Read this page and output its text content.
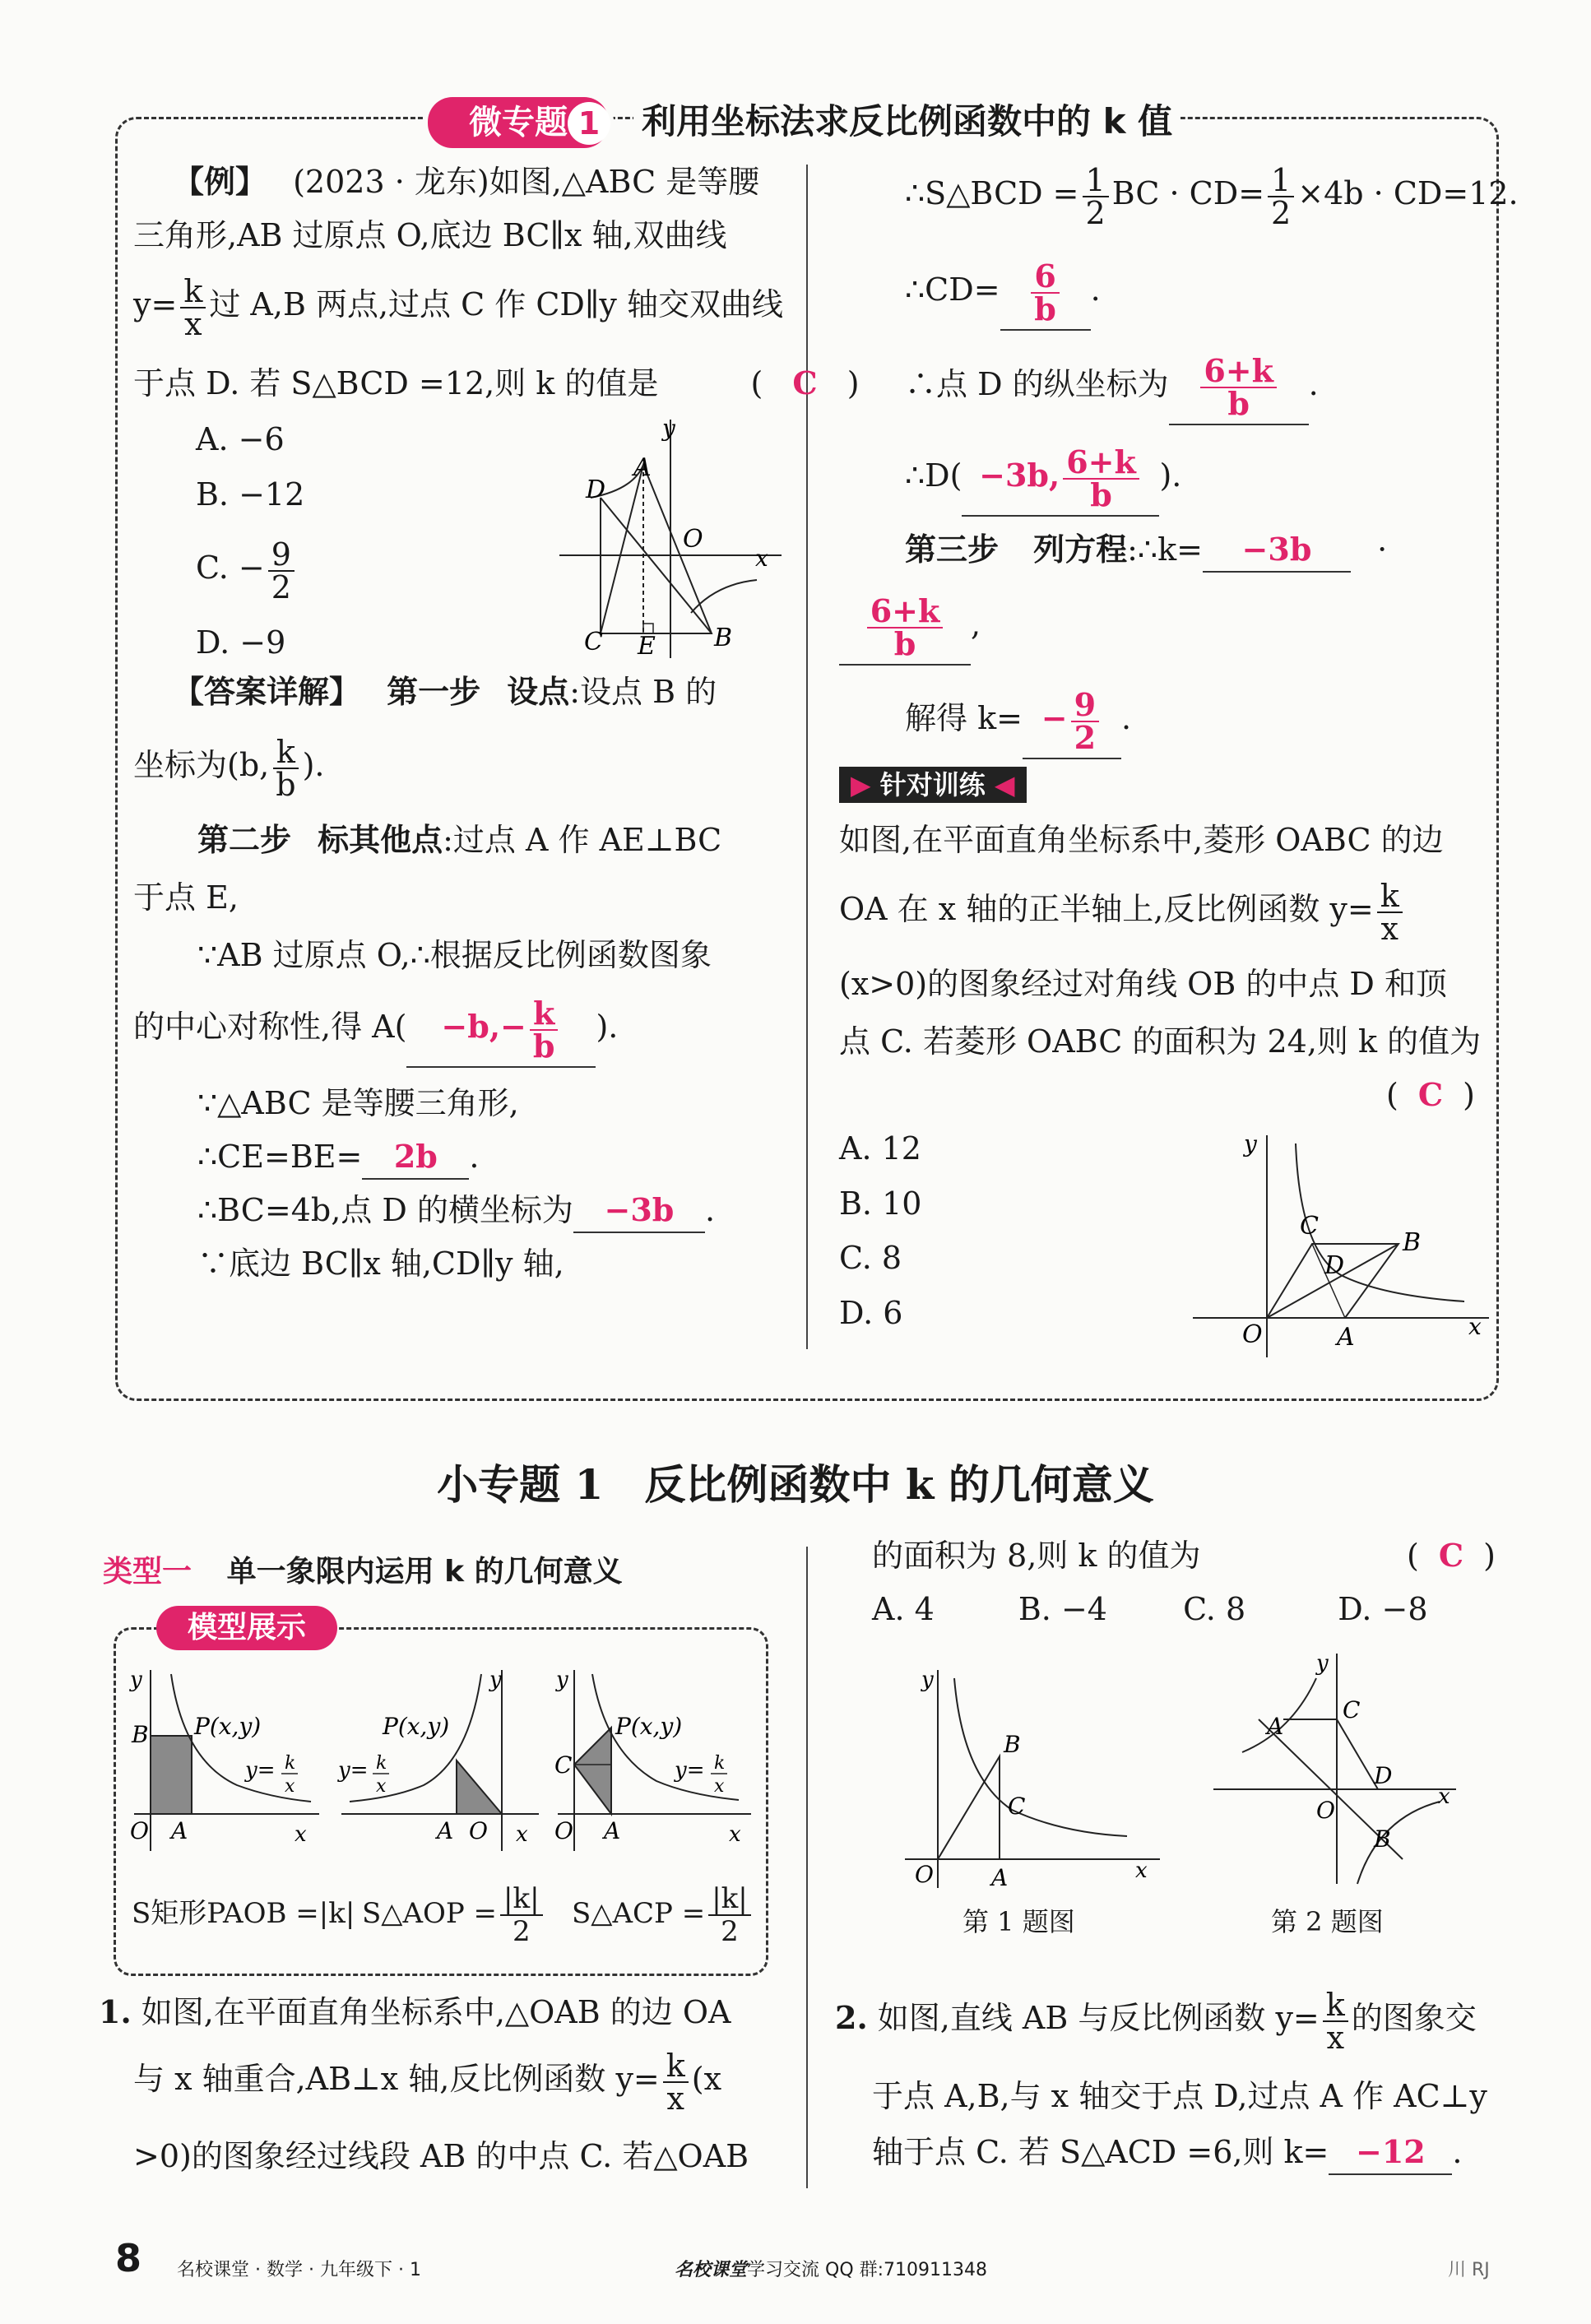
微专题 1	利用坐标法求反比例函数中的 k 值
【例】 (2023 · 龙东)如图,△ABC 是等腰
三角形,AB 过原点 O,底边 BC∥x 轴,双曲线
$y= \frac{k}{x}$ 过 A,B 两点,过点 C 作 CD∥y 轴交双曲线
于点 D. 若 S△BCD =12,则 k 的值是	( C )
A. −6
B. −12
C. − $\frac{9}{2}$
D. −9
A
D
O
C E B
x
y
【答案详解】 第一步 设点:设点 B 的
坐标为(b, $\frac{k}{b}$ ).
第二步 标其他点:过点 A 作 AE⊥BC
于点 E,
∵AB 过原点 O,∴根据反比例函数图象
的中心对称性,得 $A( -b,- \frac{k}{b}$ ).
∵△ABC 是等腰三角形,
∴CE=BE= 2b .
∴BC=4b,点 D 的横坐标为 −3b .
∵底边 BC∥x 轴,CD∥y 轴,
∴S△BCD = $\frac{1}{2}$ BC · $CD= \frac{1}{2} \times 4b \cdot CD=12$.
∴CD= $\frac{6}{b}$ .
∴点 D 的纵坐标为 $\frac{6+k}{b}$ .
∴D( −3b, $\frac{6+k}{b}$ ).
第三步 列方程:∴k= −3b ·
$\frac{6+k}{b}$ ,
解得 $k= - \frac{9}{2}$ .
▶ 针对训练 ◀
如图,在平面直角坐标系中,菱形 OABC 的边
OA 在 x 轴的正半轴上,反比例函数 $y= \frac{k}{x}$
(x>0)的图象经过对角线 OB 的中点 D 和顶
点 C. 若菱形 OABC 的面积为 24,则 k 的值为
( C )
A. 12
B. 10
C. 8
D. 6
C
B
D
O	A	x
y
小专题 1　反比例函数中 k 的几何意义
类型一 单一象限内运用 k 的几何意义
模型展示
B P(x,y)
y= k
x
O A	x
y
P(x,y)
y= k
x
A O x
y
C
P(x,y)
y= k
x
O A	x
y
S矩形PAOB =|k| S△AOP = $\frac{|k|}{2}$ S△ACP = $\frac{|k|}{2}$
1. 如图,在平面直角坐标系中,△OAB 的边 OA
与 x 轴重合,AB⊥x 轴,反比例函数 $y= \frac{k}{x} (x$
>0)的图象经过线段 AB 的中点 C. 若△OAB
的面积为 8,则 k 的值为	( C )
A. 4	B. −4 C. 8	D. −8
B
C
O	A	x
y
第 1 题图
A
C
D
O
B
x
y
第 2 题图
2. 如图,直线 AB 与反比例函数 $y= \frac{k}{x}$ 的图象交
于点 A,B,与 x 轴交于点 D,过点 A 作 AC⊥y
轴于点 C. 若 S△ACD =6,则 k= −12 .
8 名校课堂 · 数学 · 九年级下 · 1	名校课堂学习交流 QQ 群:710911348	川 RJ
